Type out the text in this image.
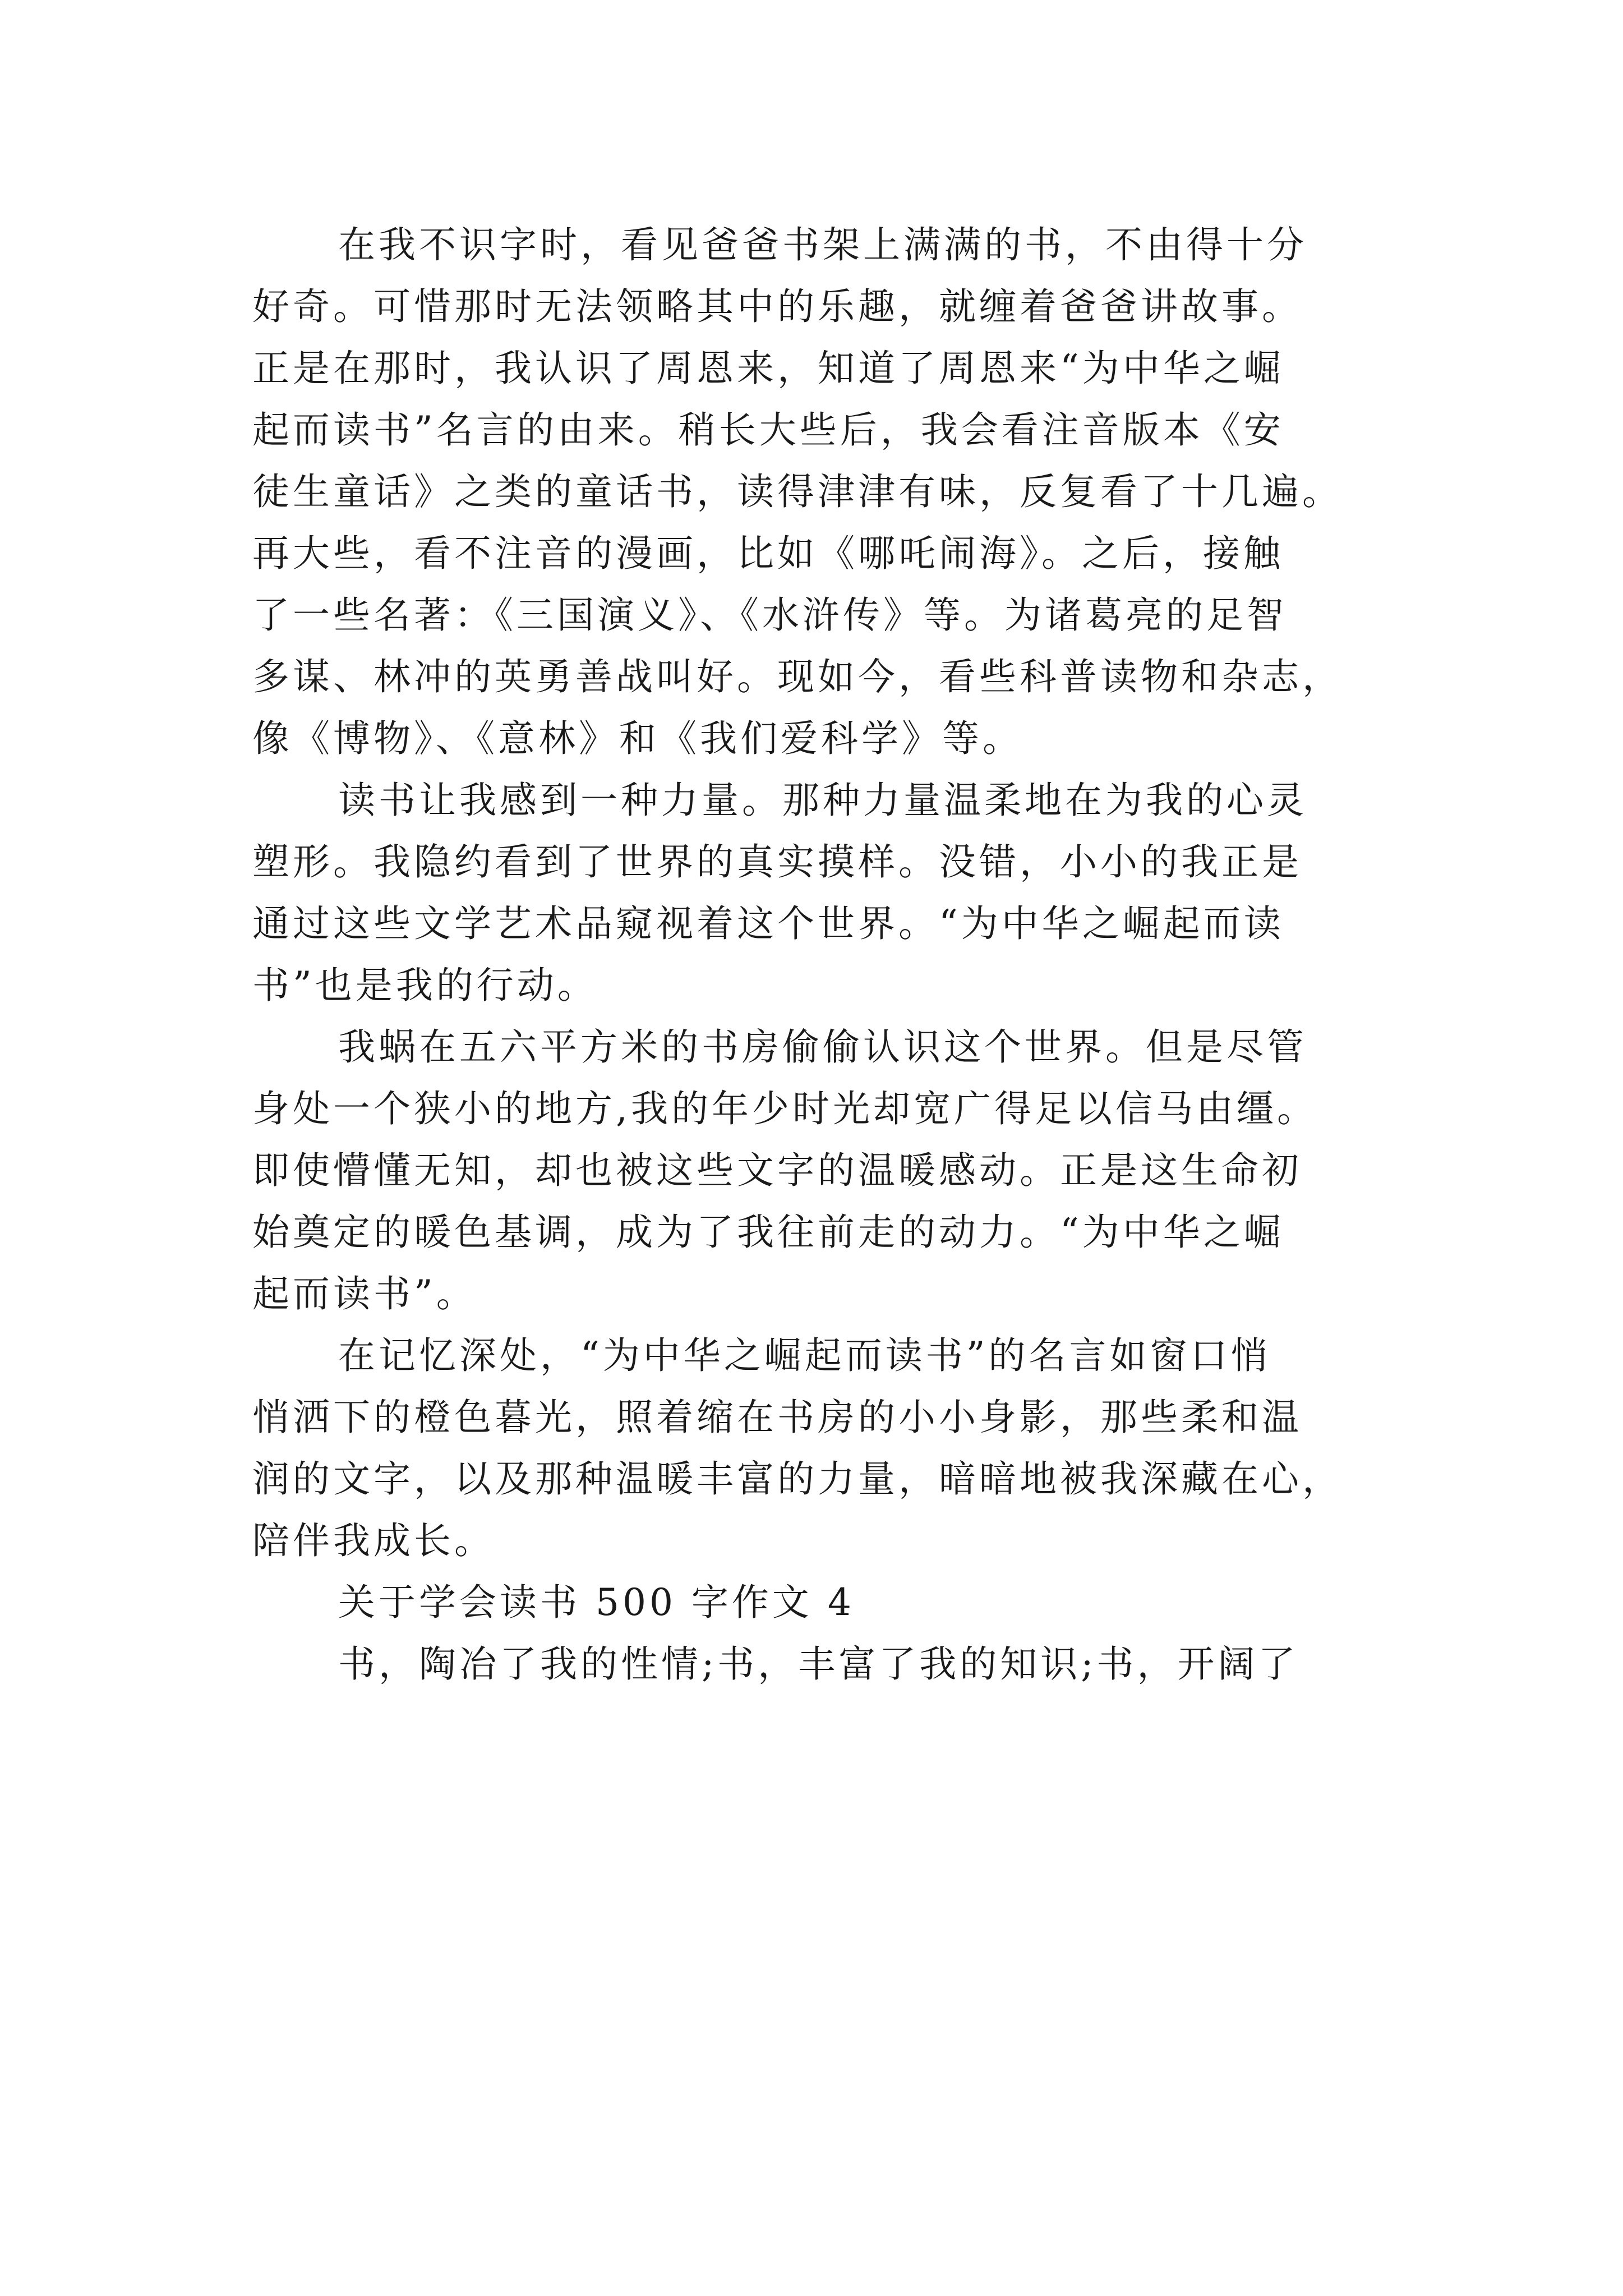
在我不识字时，看见爸爸书架上满满的书，不由得十分
好奇。可惜那时无法领略其中的乐趣，就缠着爸爸讲故事。
正是在那时，我认识了周恩来，知道了周恩来“为中华之崛
起而读书”名言的由来。稍长大些后，我会看注音版本《安
徒生童话》之类的童话书，读得津津有味，反复看了十几遍。
再大些，看不注音的漫画，比如《哪吒闹海》。之后，接触
了一些名著：《三国演义》、《水浒传》等。为诸葛亮的足智
多谋、林冲的英勇善战叫好。现如今，看些科普读物和杂志，
像《博物》、《意林》和《我们爱科学》等。
读书让我感到一种力量。那种力量温柔地在为我的心灵
塑形。我隐约看到了世界的真实摸样。没错，小小的我正是
通过这些文学艺术品窥视着这个世界。“为中华之崛起而读
书”也是我的行动。
我蜗在五六平方米的书房偷偷认识这个世界。但是尽管
身处一个狭小的地方,我的年少时光却宽广得足以信马由缰。
即使懵懂无知，却也被这些文字的温暖感动。正是这生命初
始奠定的暖色基调，成为了我往前走的动力。“为中华之崛
起而读书”。
在记忆深处，“为中华之崛起而读书”的名言如窗口悄
悄洒下的橙色暮光，照着缩在书房的小小身影，那些柔和温
润的文字，以及那种温暖丰富的力量，暗暗地被我深藏在心，
陪伴我成长。
关于学会读书 500 字作文 4
书，陶冶了我的性情;书，丰富了我的知识;书，开阔了
